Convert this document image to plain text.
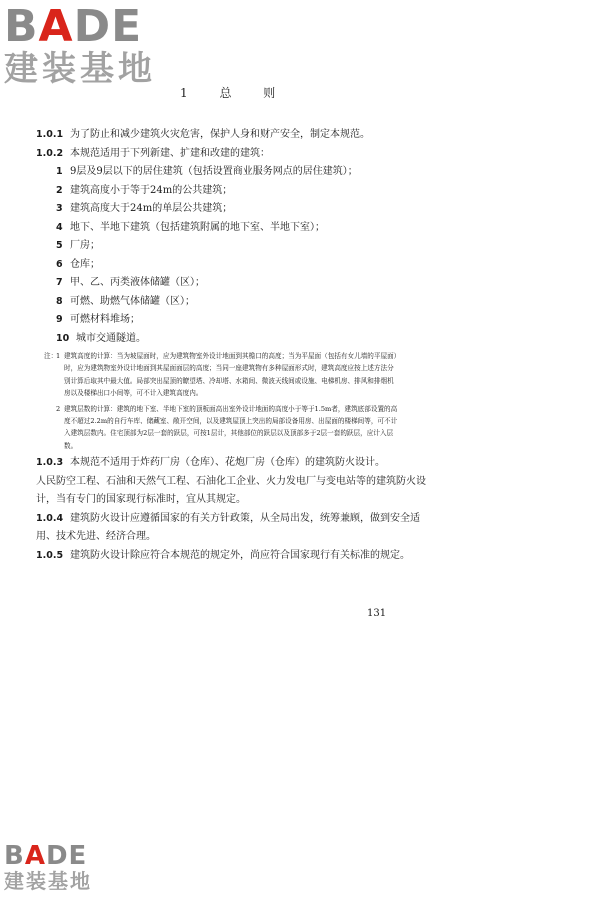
BADE
建装基地
1 总 则
1.0.1 为了防止和减少建筑火灾危害，保护人身和财产安全，制定本规范。
1.0.2 本规范适用于下列新建、扩建和改建的建筑：
1 9层及9层以下的居住建筑（包括设置商业服务网点的居住建筑）；
2 建筑高度小于等于24m的公共建筑；
3 建筑高度大于24m的单层公共建筑；
4 地下、半地下建筑（包括建筑附属的地下室、半地下室）；
5 厂房；
6 仓库；
7 甲、乙、丙类液体储罐（区）；
8 可燃、助燃气体储罐（区）；
9 可燃材料堆场；
10 城市交通隧道。
注：
1 建筑高度的计算：当为坡屋面时，应为建筑物室外设计地面到其檐口的高度；当为平屋面（包括有女儿墙的平屋面）时，应为建筑物室外设计地面到其屋面面层的高度；当同一座建筑物有多种屋面形式时，建筑高度应按上述方法分别计算后取其中最大值。局部突出屋顶的瞭望塔、冷却塔、水箱间、微波天线间或设施、电梯机房、排风和排烟机房以及楼梯出口小间等，可不计入建筑高度内。
2 建筑层数的计算：建筑的地下室、半地下室的顶板面高出室外设计地面的高度小于等于1.5m者，建筑底部设置的高度不超过2.2m的自行车库、储藏室、敞开空间，以及建筑屋顶上突出的局部设备用房、出屋面的楼梯间等，可不计入建筑层数内。住宅顶部为2层一套的跃层，可按1层计，其他部位的跃层以及顶部多于2层一套的跃层，应计入层数。
1.0.3 本规范不适用于炸药厂房（仓库）、花炮厂房（仓库）的建筑防火设计。
人民防空工程、石油和天然气工程、石油化工企业、火力发电厂与变电站等的建筑防火设计，当有专门的国家现行标准时，宜从其规定。
1.0.4 建筑防火设计应遵循国家的有关方针政策，从全局出发，统筹兼顾，做到安全适用、技术先进、经济合理。
1.0.5 建筑防火设计除应符合本规范的规定外，尚应符合国家现行有关标准的规定。
131
BADE
建装基地
